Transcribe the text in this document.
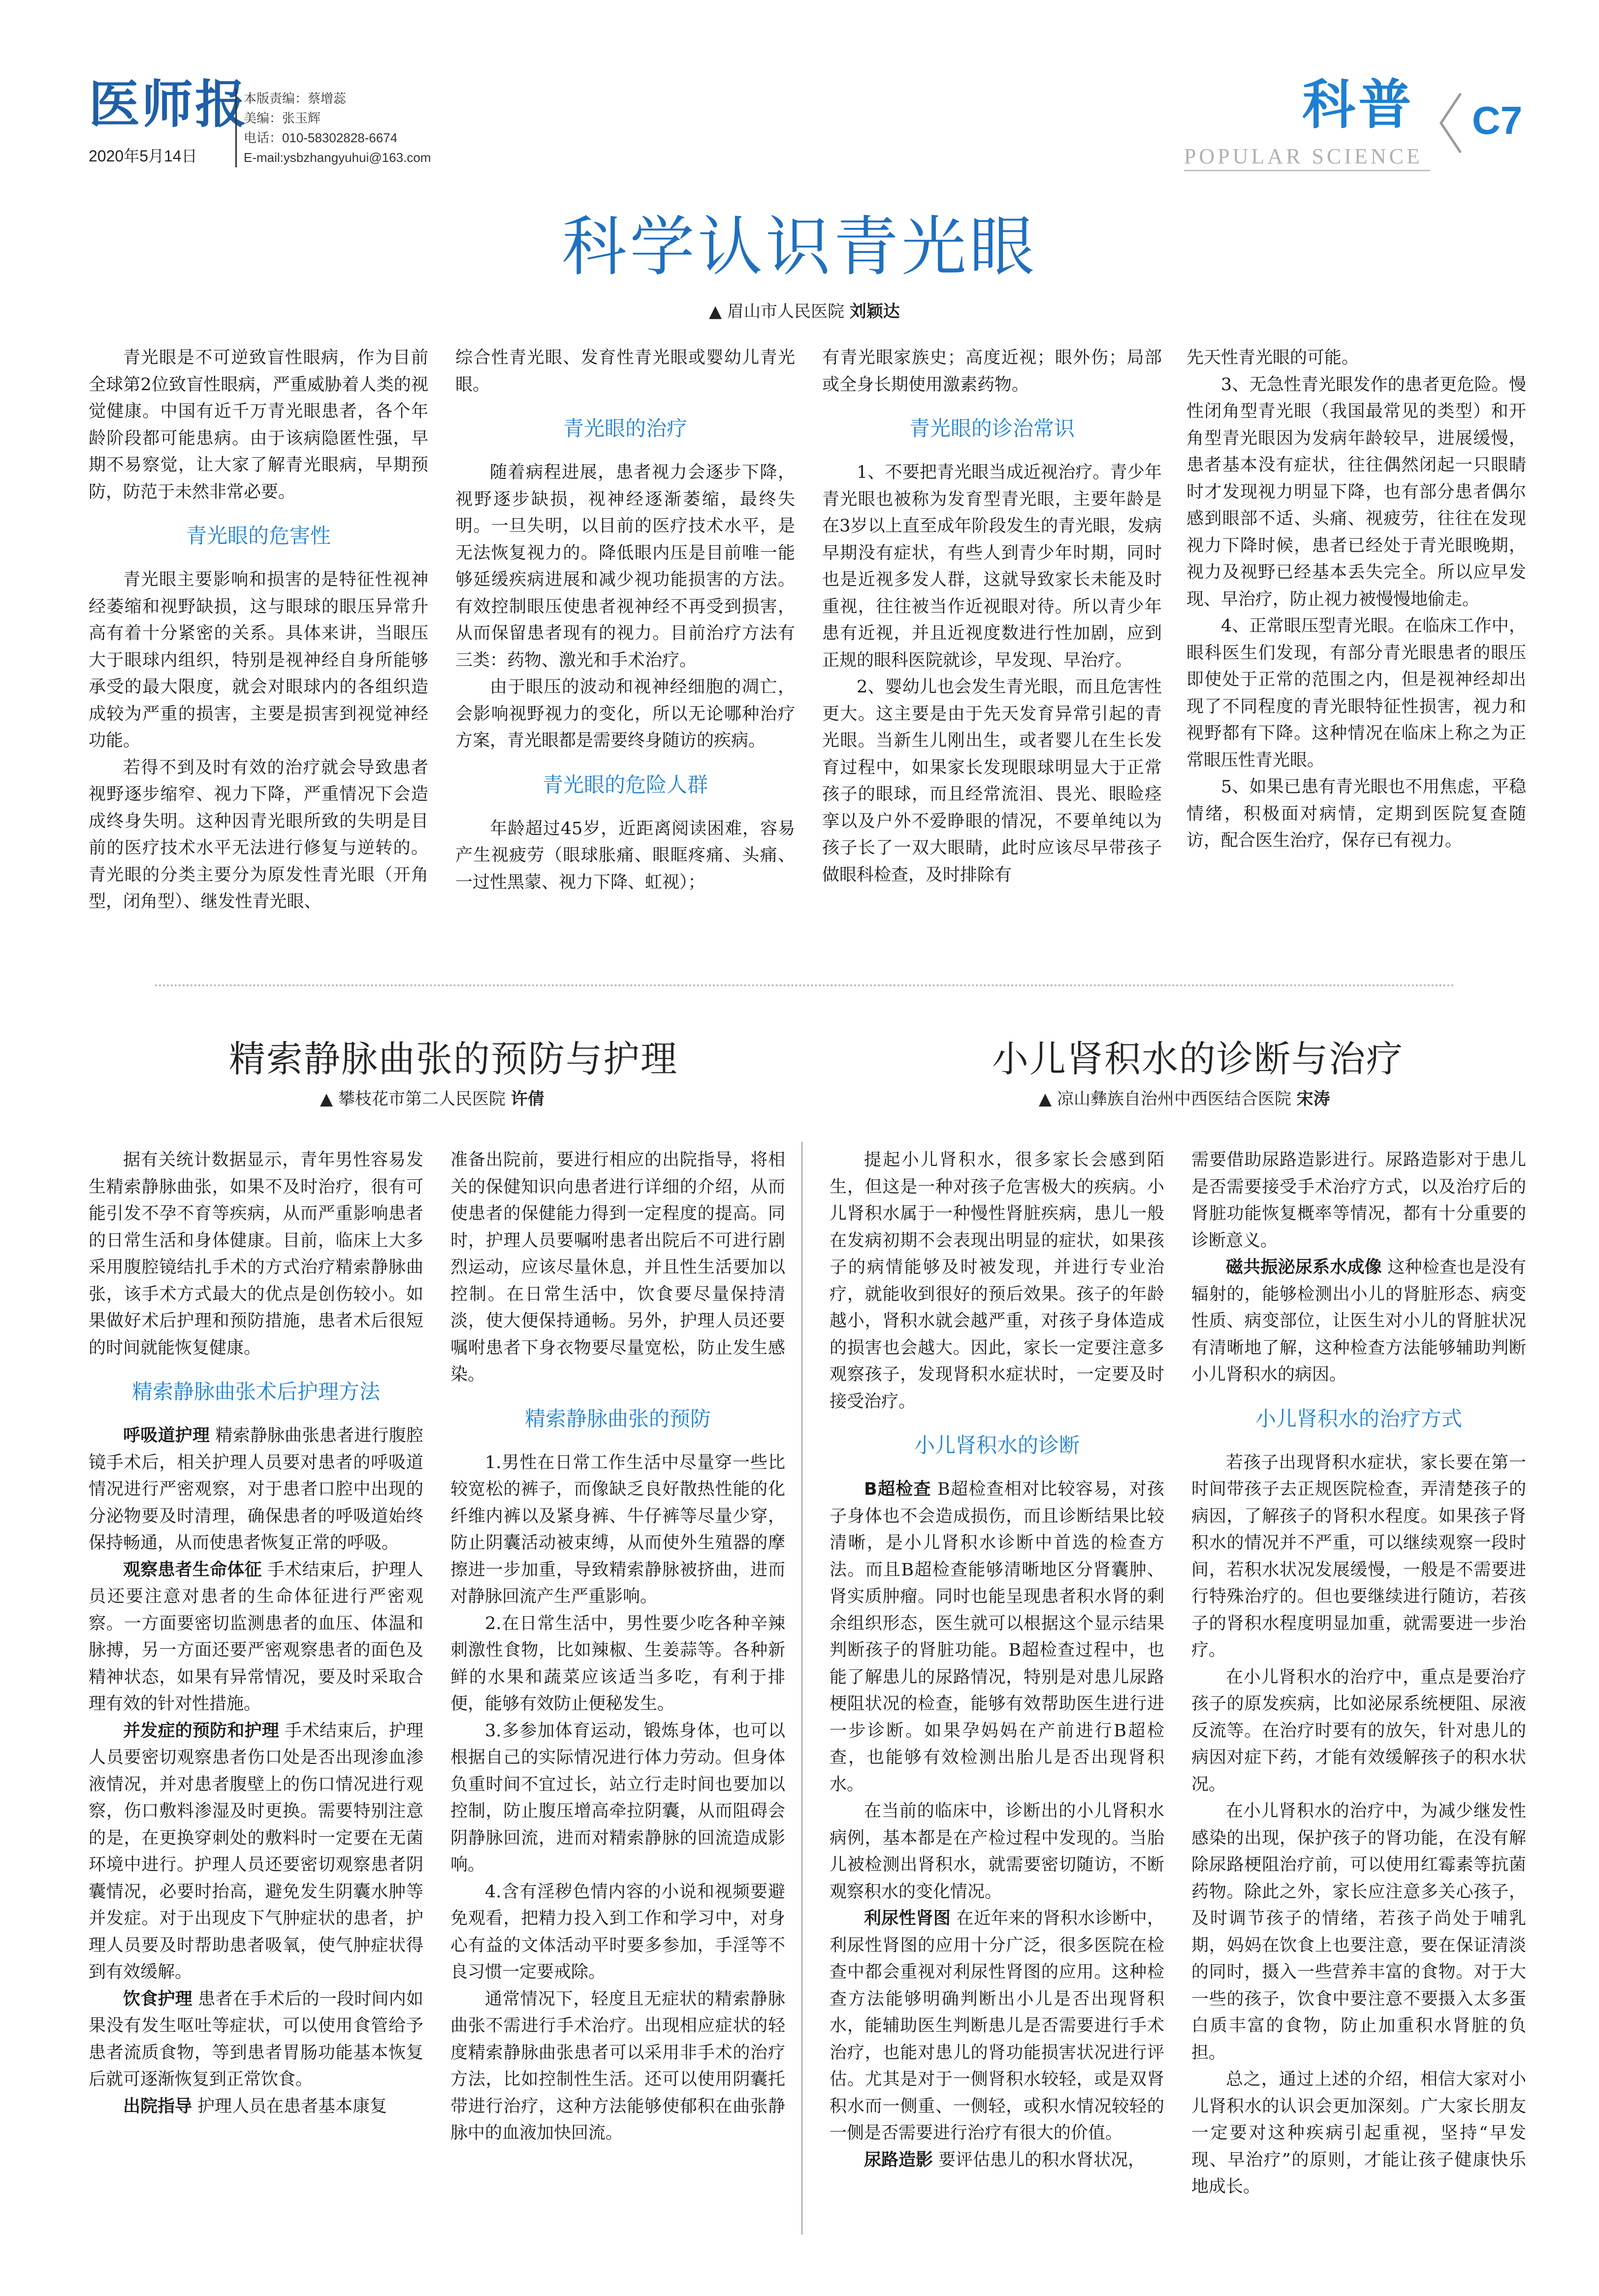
医师报
2020年5月14日
本版责编：蔡增蕊
美编：张玉辉
电话：010-58302828-6674
E-mail:ysbzhangyuhui@163.com
科普
POPULAR SCIENCE
C7
科学认识青光眼
▲ 眉山市人民医院 刘颖达

青光眼是不可逆致盲性眼病，作为目前全球第2位致盲性眼病，严重威胁着人类的视觉健康。中国有近千万青光眼患者，各个年龄阶段都可能患病。由于该病隐匿性强，早期不易察觉，让大家了解青光眼病，早期预防，防范于未然非常必要。

青光眼的危害性

青光眼主要影响和损害的是特征性视神经萎缩和视野缺损，这与眼球的眼压异常升高有着十分紧密的关系。具体来讲，当眼压大于眼球内组织，特别是视神经自身所能够承受的最大限度，就会对眼球内的各组织造成较为严重的损害，主要是损害到视觉神经功能。

若得不到及时有效的治疗就会导致患者视野逐步缩窄、视力下降，严重情况下会造成终身失明。这种因青光眼所致的失明是目前的医疗技术水平无法进行修复与逆转的。青光眼的分类主要分为原发性青光眼（开角型，闭角型）、继发性青光眼、

综合性青光眼、发育性青光眼或婴幼儿青光眼。

青光眼的治疗

随着病程进展，患者视力会逐步下降，视野逐步缺损，视神经逐渐萎缩，最终失明。一旦失明，以目前的医疗技术水平，是无法恢复视力的。降低眼内压是目前唯一能够延缓疾病进展和减少视功能损害的方法。有效控制眼压使患者视神经不再受到损害，从而保留患者现有的视力。目前治疗方法有三类：药物、激光和手术治疗。

由于眼压的波动和视神经细胞的凋亡，会影响视野视力的变化，所以无论哪种治疗方案，青光眼都是需要终身随访的疾病。

青光眼的危险人群

年龄超过45岁，近距离阅读困难，容易产生视疲劳（眼球胀痛、眼眶疼痛、头痛、一过性黑蒙、视力下降、虹视）；

有青光眼家族史；高度近视；眼外伤；局部或全身长期使用激素药物。

青光眼的诊治常识

1、不要把青光眼当成近视治疗。青少年青光眼也被称为发育型青光眼，主要年龄是在3岁以上直至成年阶段发生的青光眼，发病早期没有症状，有些人到青少年时期，同时也是近视多发人群，这就导致家长未能及时重视，往往被当作近视眼对待。所以青少年患有近视，并且近视度数进行性加剧，应到正规的眼科医院就诊，早发现、早治疗。

2、婴幼儿也会发生青光眼，而且危害性更大。这主要是由于先天发育异常引起的青光眼。当新生儿刚出生，或者婴儿在生长发育过程中，如果家长发现眼球明显大于正常孩子的眼球，而且经常流泪、畏光、眼睑痉挛以及户外不爱睁眼的情况，不要单纯以为孩子长了一双大眼睛，此时应该尽早带孩子做眼科检查，及时排除有

先天性青光眼的可能。

3、无急性青光眼发作的患者更危险。慢性闭角型青光眼（我国最常见的类型）和开角型青光眼因为发病年龄较早，进展缓慢，患者基本没有症状，往往偶然闭起一只眼睛时才发现视力明显下降，也有部分患者偶尔感到眼部不适、头痛、视疲劳，往往在发现视力下降时候，患者已经处于青光眼晚期，视力及视野已经基本丢失完全。所以应早发现、早治疗，防止视力被慢慢地偷走。

4、正常眼压型青光眼。在临床工作中，眼科医生们发现，有部分青光眼患者的眼压即使处于正常的范围之内，但是视神经却出现了不同程度的青光眼特征性损害，视力和视野都有下降。这种情况在临床上称之为正常眼压性青光眼。

5、如果已患有青光眼也不用焦虑，平稳情绪，积极面对病情，定期到医院复查随访，配合医生治疗，保存已有视力。

精索静脉曲张的预防与护理
▲ 攀枝花市第二人民医院 许倩

据有关统计数据显示，青年男性容易发生精索静脉曲张，如果不及时治疗，很有可能引发不孕不育等疾病，从而严重影响患者的日常生活和身体健康。目前，临床上大多采用腹腔镜结扎手术的方式治疗精索静脉曲张，该手术方式最大的优点是创伤较小。如果做好术后护理和预防措施，患者术后很短的时间就能恢复健康。

精索静脉曲张术后护理方法

呼吸道护理 精索静脉曲张患者进行腹腔镜手术后，相关护理人员要对患者的呼吸道情况进行严密观察，对于患者口腔中出现的分泌物要及时清理，确保患者的呼吸道始终保持畅通，从而使患者恢复正常的呼吸。

观察患者生命体征 手术结束后，护理人员还要注意对患者的生命体征进行严密观察。一方面要密切监测患者的血压、体温和脉搏，另一方面还要严密观察患者的面色及精神状态，如果有异常情况，要及时采取合理有效的针对性措施。

并发症的预防和护理 手术结束后，护理人员要密切观察患者伤口处是否出现渗血渗液情况，并对患者腹壁上的伤口情况进行观察，伤口敷料渗湿及时更换。需要特别注意的是，在更换穿刺处的敷料时一定要在无菌环境中进行。护理人员还要密切观察患者阴囊情况，必要时抬高，避免发生阴囊水肿等并发症。对于出现皮下气肿症状的患者，护理人员要及时帮助患者吸氧，使气肿症状得到有效缓解。

饮食护理 患者在手术后的一段时间内如果没有发生呕吐等症状，可以使用食管给予患者流质食物，等到患者胃肠功能基本恢复后就可逐渐恢复到正常饮食。

出院指导 护理人员在患者基本康复

准备出院前，要进行相应的出院指导，将相关的保健知识向患者进行详细的介绍，从而使患者的保健能力得到一定程度的提高。同时，护理人员要嘱咐患者出院后不可进行剧烈运动，应该尽量休息，并且性生活要加以控制。在日常生活中，饮食要尽量保持清淡，使大便保持通畅。另外，护理人员还要嘱咐患者下身衣物要尽量宽松，防止发生感染。

精索静脉曲张的预防

1.男性在日常工作生活中尽量穿一些比较宽松的裤子，而像缺乏良好散热性能的化纤维内裤以及紧身裤、牛仔裤等尽量少穿，防止阴囊活动被束缚，从而使外生殖器的摩擦进一步加重，导致精索静脉被挤曲，进而对静脉回流产生严重影响。

2.在日常生活中，男性要少吃各种辛辣刺激性食物，比如辣椒、生姜蒜等。各种新鲜的水果和蔬菜应该适当多吃，有利于排便，能够有效防止便秘发生。

3.多参加体育运动，锻炼身体，也可以根据自己的实际情况进行体力劳动。但身体负重时间不宜过长，站立行走时间也要加以控制，防止腹压增高牵拉阴囊，从而阻碍会阴静脉回流，进而对精索静脉的回流造成影响。

4.含有淫秽色情内容的小说和视频要避免观看，把精力投入到工作和学习中，对身心有益的文体活动平时要多参加，手淫等不良习惯一定要戒除。

通常情况下，轻度且无症状的精索静脉曲张不需进行手术治疗。出现相应症状的轻度精索静脉曲张患者可以采用非手术的治疗方法，比如控制性生活。还可以使用阴囊托带进行治疗，这种方法能够使郁积在曲张静脉中的血液加快回流。

小儿肾积水的诊断与治疗
▲ 凉山彝族自治州中西医结合医院 宋涛

提起小儿肾积水，很多家长会感到陌生，但这是一种对孩子危害极大的疾病。小儿肾积水属于一种慢性肾脏疾病，患儿一般在发病初期不会表现出明显的症状，如果孩子的病情能够及时被发现，并进行专业治疗，就能收到很好的预后效果。孩子的年龄越小，肾积水就会越严重，对孩子身体造成的损害也会越大。因此，家长一定要注意多观察孩子，发现肾积水症状时，一定要及时接受治疗。

小儿肾积水的诊断

B超检查 B超检查相对比较容易，对孩子身体也不会造成损伤，而且诊断结果比较清晰，是小儿肾积水诊断中首选的检查方法。而且B超检查能够清晰地区分肾囊肿、肾实质肿瘤。同时也能呈现患者积水肾的剩余组织形态，医生就可以根据这个显示结果判断孩子的肾脏功能。B超检查过程中，也能了解患儿的尿路情况，特别是对患儿尿路梗阻状况的检查，能够有效帮助医生进行进一步诊断。如果孕妈妈在产前进行B超检查，也能够有效检测出胎儿是否出现肾积水。

在当前的临床中，诊断出的小儿肾积水病例，基本都是在产检过程中发现的。当胎儿被检测出肾积水，就需要密切随访，不断观察积水的变化情况。

利尿性肾图 在近年来的肾积水诊断中，利尿性肾图的应用十分广泛，很多医院在检查中都会重视对利尿性肾图的应用。这种检查方法能够明确判断出小儿是否出现肾积水，能辅助医生判断患儿是否需要进行手术治疗，也能对患儿的肾功能损害状况进行评估。尤其是对于一侧肾积水较轻，或是双肾积水而一侧重、一侧轻，或积水情况较轻的一侧是否需要进行治疗有很大的价值。

尿路造影 要评估患儿的积水肾状况，

需要借助尿路造影进行。尿路造影对于患儿是否需要接受手术治疗方式，以及治疗后的肾脏功能恢复概率等情况，都有十分重要的诊断意义。

磁共振泌尿系水成像 这种检查也是没有辐射的，能够检测出小儿的肾脏形态、病变性质、病变部位，让医生对小儿的肾脏状况有清晰地了解，这种检查方法能够辅助判断小儿肾积水的病因。

小儿肾积水的治疗方式

若孩子出现肾积水症状，家长要在第一时间带孩子去正规医院检查，弄清楚孩子的病因，了解孩子的肾积水程度。如果孩子肾积水的情况并不严重，可以继续观察一段时间，若积水状况发展缓慢，一般是不需要进行特殊治疗的。但也要继续进行随访，若孩子的肾积水程度明显加重，就需要进一步治疗。

在小儿肾积水的治疗中，重点是要治疗孩子的原发疾病，比如泌尿系统梗阻、尿液反流等。在治疗时要有的放矢，针对患儿的病因对症下药，才能有效缓解孩子的积水状况。

在小儿肾积水的治疗中，为减少继发性感染的出现，保护孩子的肾功能，在没有解除尿路梗阻治疗前，可以使用红霉素等抗菌药物。除此之外，家长应注意多关心孩子，及时调节孩子的情绪，若孩子尚处于哺乳期，妈妈在饮食上也要注意，要在保证清淡的同时，摄入一些营养丰富的食物。对于大一些的孩子，饮食中要注意不要摄入太多蛋白质丰富的食物，防止加重积水肾脏的负担。

总之，通过上述的介绍，相信大家对小儿肾积水的认识会更加深刻。广大家长朋友一定要对这种疾病引起重视，坚持“早发现、早治疗”的原则，才能让孩子健康快乐地成长。
